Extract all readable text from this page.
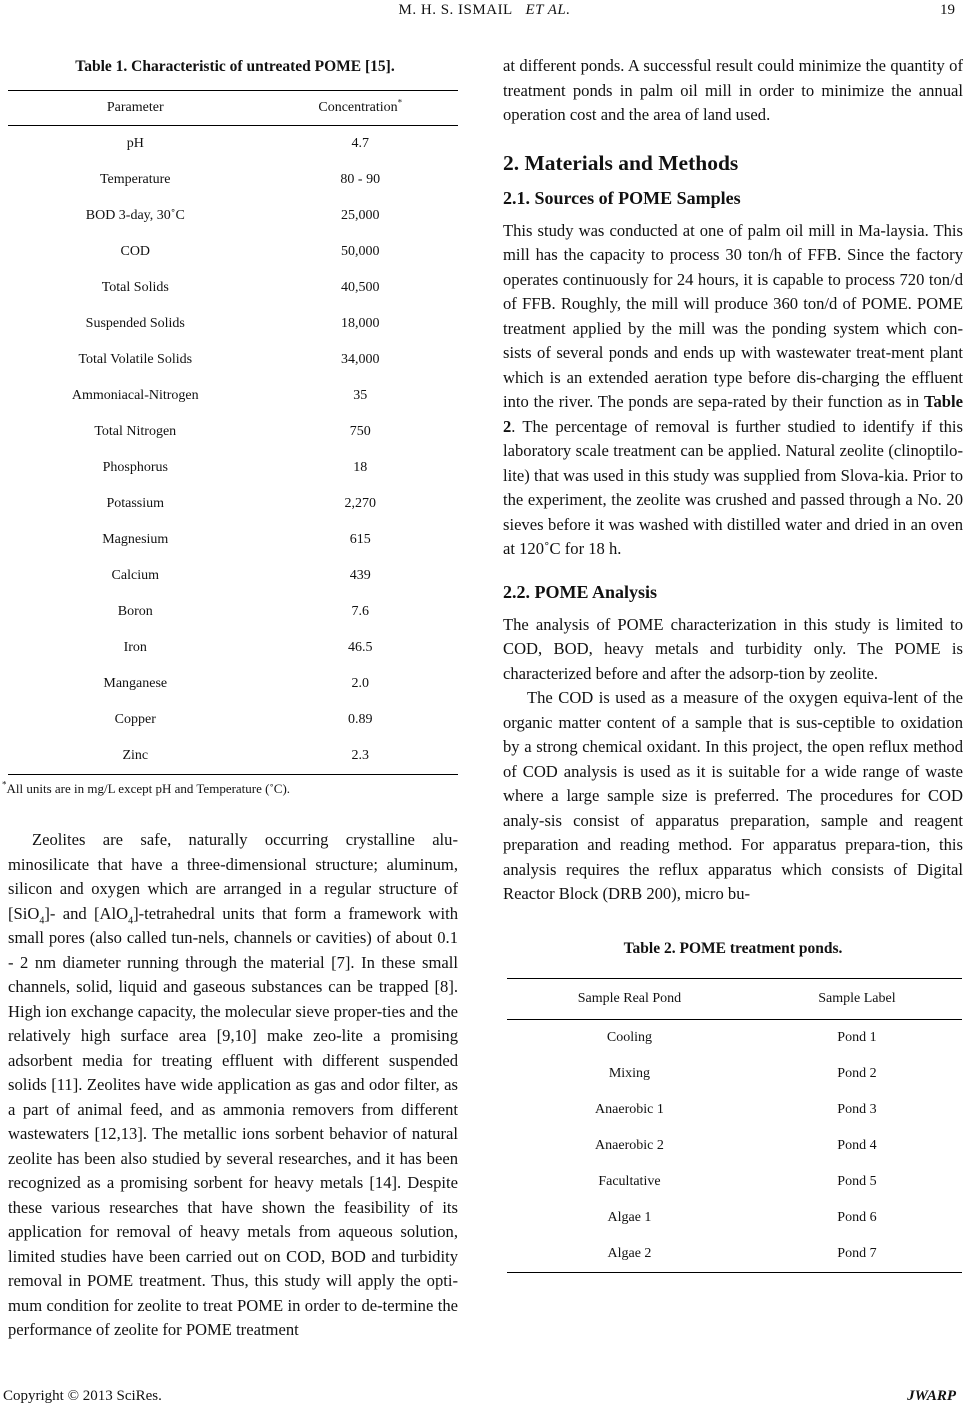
M. H. S. ISMAIL ET AL.	19
Table 1. Characteristic of untreated POME [15].
Parameter	Concentration*
pH	4.7
Temperature	80 - 90
BOD 3-day, 30˚C	25,000
COD	50,000
Total Solids	40,500
Suspended Solids	18,000
Total Volatile Solids	34,000
Ammoniacal-Nitrogen	35
Total Nitrogen	750
Phosphorus	18
Potassium	2,270
Magnesium	615
Calcium	439
Boron	7.6
Iron	46.5
Manganese	2.0
Copper	0.89
Zinc	2.3
*All units are in mg/L except pH and Temperature (˚C).

Zeolites are safe, naturally occurring crystalline alu-minosilicate that have a three-dimensional structure; aluminum, silicon and oxygen which are arranged in a regular structure of [SiO$_4$]- and [AlO$_4$]-tetrahedral units that form a framework with small pores (also called tun-nels, channels or cavities) of about 0.1 - 2 nm diameter running through the material [7]. In these small channels, solid, liquid and gaseous substances can be trapped [8]. High ion exchange capacity, the molecular sieve proper-ties and the relatively high surface area [9,10] make zeo-lite a promising adsorbent media for treating effluent with different suspended solids [11]. Zeolites have wide application as gas and odor filter, as a part of animal feed, and as ammonia removers from different wastewaters [12,13]. The metallic ions sorbent behavior of natural zeolite has been also studied by several researches, and it has been recognized as a promising sorbent for heavy metals [14]. Despite these various researches that have shown the feasibility of its application for removal of heavy metals from aqueous solution, limited studies have been carried out on COD, BOD and turbidity removal in POME treatment. Thus, this study will apply the opti-mum condition for zeolite to treat POME in order to de-termine the performance of zeolite for POME treatment

at different ponds. A successful result could minimize the quantity of treatment ponds in palm oil mill in order to minimize the annual operation cost and the area of land used.

2. Materials and Methods
2.1. Sources of POME Samples

This study was conducted at one of palm oil mill in Ma-laysia. This mill has the capacity to process 30 ton/h of FFB. Since the factory operates continuously for 24 hours, it is capable to process 720 ton/d of FFB. Roughly, the mill will produce 360 ton/d of POME. POME treatment applied by the mill was the ponding system which con-sists of several ponds and ends up with wastewater treat-ment plant which is an extended aeration type before dis-charging the effluent into the river. The ponds are sepa-rated by their function as in Table 2. The percentage of removal is further studied to identify if this laboratory scale treatment can be applied. Natural zeolite (clinoptilo-lite) that was used in this study was supplied from Slova-kia. Prior to the experiment, the zeolite was crushed and passed through a No. 20 sieves before it was washed with distilled water and dried in an oven at 120˚C for 18 h.

2.2. POME Analysis

The analysis of POME characterization in this study is limited to COD, BOD, heavy metals and turbidity only. The POME is characterized before and after the adsorp-tion by zeolite.

The COD is used as a measure of the oxygen equiva-lent of the organic matter content of a sample that is sus-ceptible to oxidation by a strong chemical oxidant. In this project, the open reflux method of COD analysis is used as it is suitable for a wide range of waste where a large sample size is preferred. The procedures for COD analy-sis consist of apparatus preparation, sample and reagent preparation and reading method. For apparatus prepara-tion, this analysis requires the reflux apparatus which consists of Digital Reactor Block (DRB 200), micro bu-

Table 2. POME treatment ponds.
Sample Real Pond	Sample Label
Cooling	Pond 1
Mixing	Pond 2
Anaerobic 1	Pond 3
Anaerobic 2	Pond 4
Facultative	Pond 5
Algae 1	Pond 6
Algae 2	Pond 7
Copyright © 2013 SciRes.	JWARP
